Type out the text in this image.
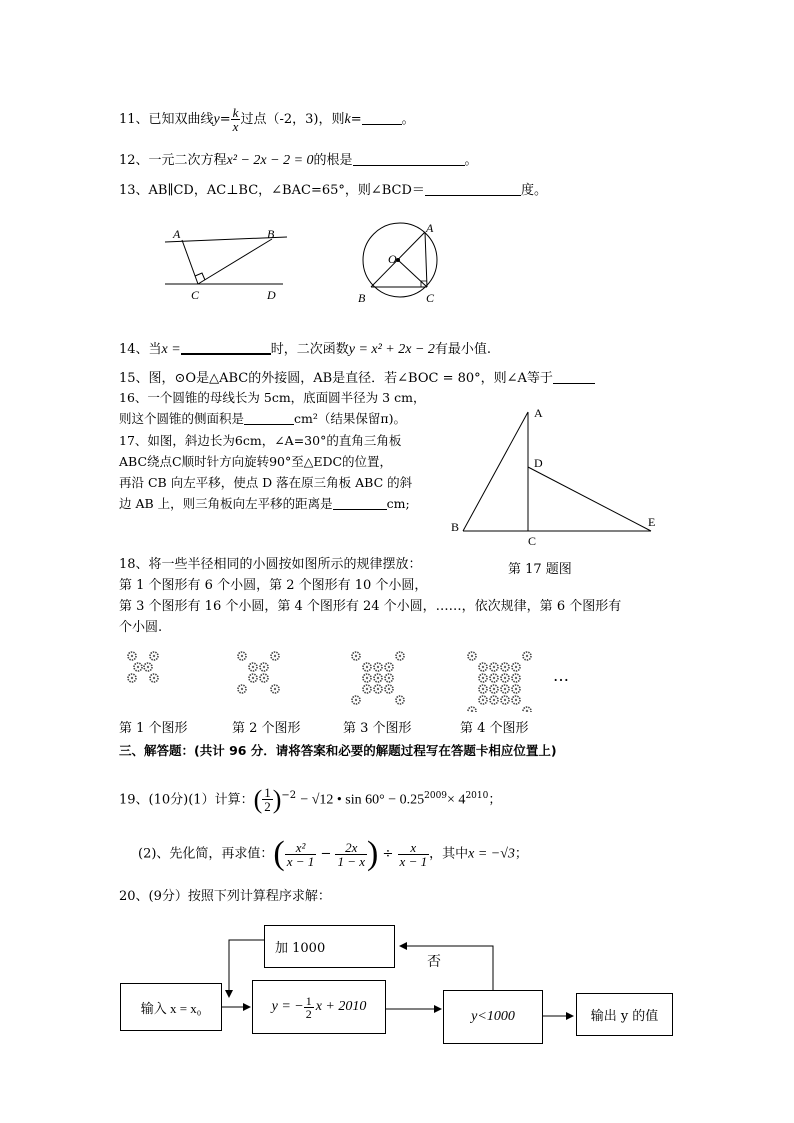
11、已知双曲线$y= \frac{k}{x}$ 过点（-2，3)，则k=	。
12、一元二次方程x² − 2x − 2 = 0的根是	。
13、AB∥CD，AC⊥BC，∠BAC=65°，则∠BCD＝	度。
A	B
C	D
A
O
B	C
14、当x =	时，二次函数y = x² + 2x − 2有最小值.
15、图，⊙O是△ABC的外接圆，AB是直径．若∠BOC = 80°，则∠A等于
16、一个圆锥的母线长为 5cm，底面圆半径为 3 cm，
则这个圆锥的侧面积是	cm²（结果保留π)。
17、如图，斜边长为6cm，∠A=30°的直角三角板
ABC绕点C顺时针方向旋转90°至△EDC的位置，
再沿 CB 向左平移，使点 D 落在原三角板 ABC 的斜
边 AB 上，则三角板向左平移的距离是	cm;
A
D
B
C
E
第 17 题图
18、将一些半径相同的小圆按如图所示的规律摆放：
第 1 个图形有 6 个小圆，第 2 个图形有 10 个小圆，
第 3 个图形有 16 个小圆，第 4 个图形有 24 个小圆，……，依次规律，第 6 个图形有
个小圆.
…
第 1 个图形	第 2 个图形	第 3 个图形	第 4 个图形
三、解答题：(共计 96 分．请将答案和必要的解题过程写在答题卡相应位置上)
19、(10分)(1）计算：( $\frac{1}{2} )^{-2} - √12$ • $\sin 60^\circ - 0.25^{2009}\times 4^{2010}$；
(2)、先化简，再求值：( $\frac{\text{x²}}{x - 1} - \frac{2x}{1 - x}$ ) ÷ $\frac{x}{x - 1}$ ，其中x = −√3；
20、(9分）按照下列计算程序求解：
加 1000
否
输入 x = x₀	y = − $\frac{1}{2}$ x + 2010
y<1000	输出 y 的值
